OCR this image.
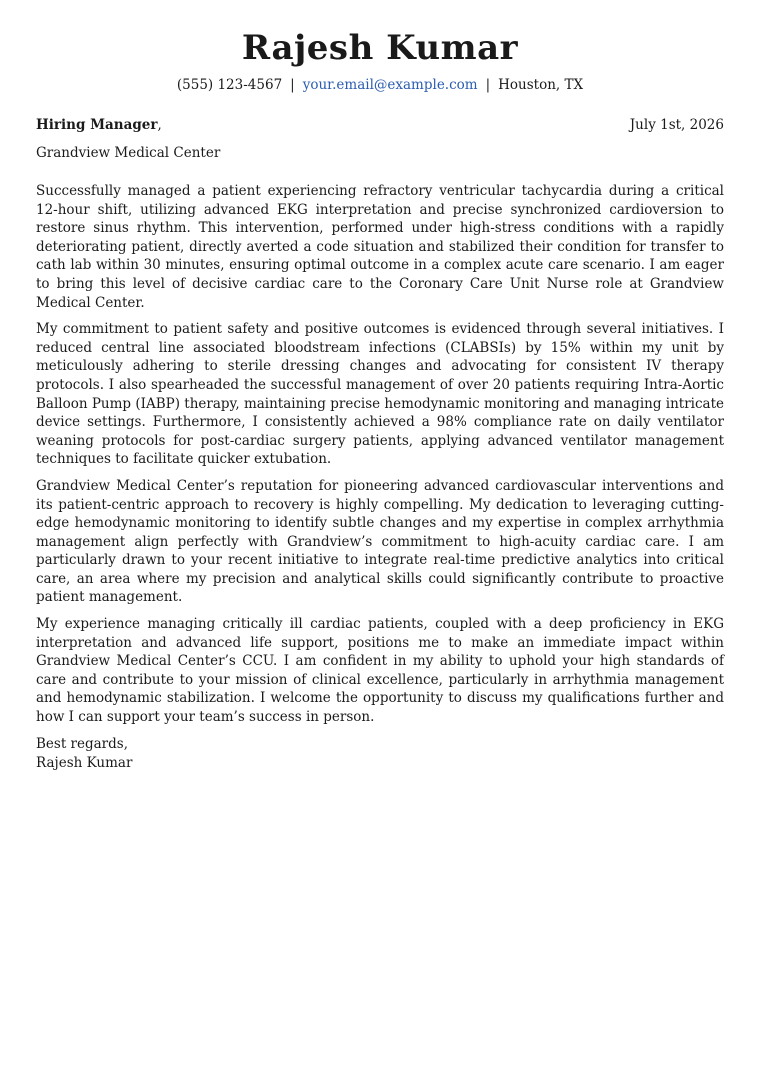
Rajesh Kumar
(555) 123-4567 | your.email@example.com | Houston, TX
Hiring Manager,	July 1st, 2026
Grandview Medical Center

Successfully managed a patient experiencing refractory ventricular tachycardia during a critical 12-hour shift, utilizing advanced EKG interpretation and precise synchronized cardioversion to restore sinus rhythm. This intervention, performed under high-stress conditions with a rapidly deteriorating patient, directly averted a code situation and stabilized their condition for transfer to cath lab within 30 minutes, ensuring optimal outcome in a complex acute care scenario. I am eager to bring this level of decisive cardiac care to the Coronary Care Unit Nurse role at Grandview Medical Center.

My commitment to patient safety and positive outcomes is evidenced through several initiatives. I reduced central line associated bloodstream infections (CLABSIs) by 15% within my unit by meticulously adhering to sterile dressing changes and advocating for consistent IV therapy protocols. I also spearheaded the successful management of over 20 patients requiring Intra-Aortic Balloon Pump (IABP) therapy, maintaining precise hemodynamic monitoring and managing intricate device settings. Furthermore, I consistently achieved a 98% compliance rate on daily ventilator weaning protocols for post-cardiac surgery patients, applying advanced ventilator management techniques to facilitate quicker extubation.

Grandview Medical Center’s reputation for pioneering advanced cardiovascular interventions and its patient-centric approach to recovery is highly compelling. My dedication to leveraging cutting-edge hemodynamic monitoring to identify subtle changes and my expertise in complex arrhythmia management align perfectly with Grandview’s commitment to high-acuity cardiac care. I am particularly drawn to your recent initiative to integrate real-time predictive analytics into critical care, an area where my precision and analytical skills could significantly contribute to proactive patient management.

My experience managing critically ill cardiac patients, coupled with a deep proficiency in EKG interpretation and advanced life support, positions me to make an immediate impact within Grandview Medical Center’s CCU. I am confident in my ability to uphold your high standards of care and contribute to your mission of clinical excellence, particularly in arrhythmia management and hemodynamic stabilization. I welcome the opportunity to discuss my qualifications further and how I can support your team’s success in person.

Best regards,
Rajesh Kumar
